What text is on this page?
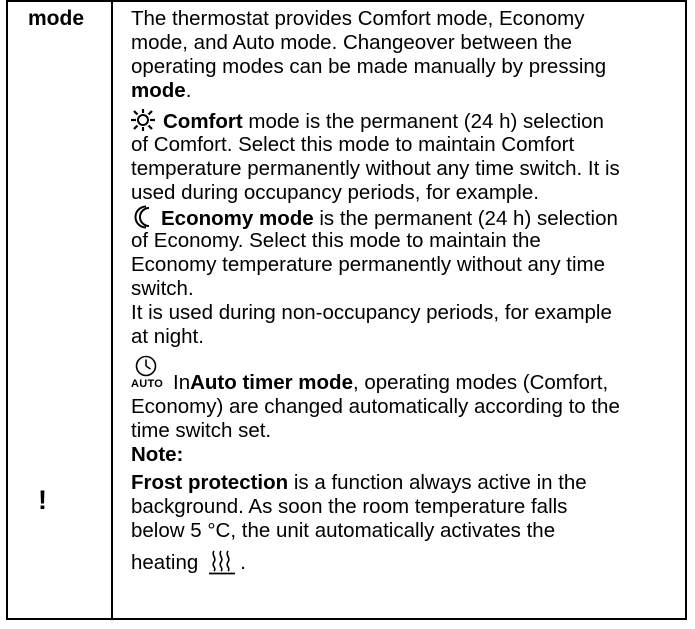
mode
!
The thermostat provides Comfort mode, Economy
mode, and Auto mode. Changeover between the
operating modes can be made manually by pressing
mode.
Comfort mode is the permanent (24 h) selection
of Comfort. Select this mode to maintain Comfort
temperature permanently without any time switch. It is
used during occupancy periods, for example.
Economy mode is the permanent (24 h) selection
of Economy. Select this mode to maintain the
Economy temperature permanently without any time
switch.
It is used during non-occupancy periods, for example
at night.
AUTO In Auto timer mode , operating modes (Comfort,
Economy) are changed automatically according to the
time switch set.
Note:
Frost protection is a function always active in the
background. As soon the room temperature falls
below 5 °C, the unit automatically activates the
heating .
